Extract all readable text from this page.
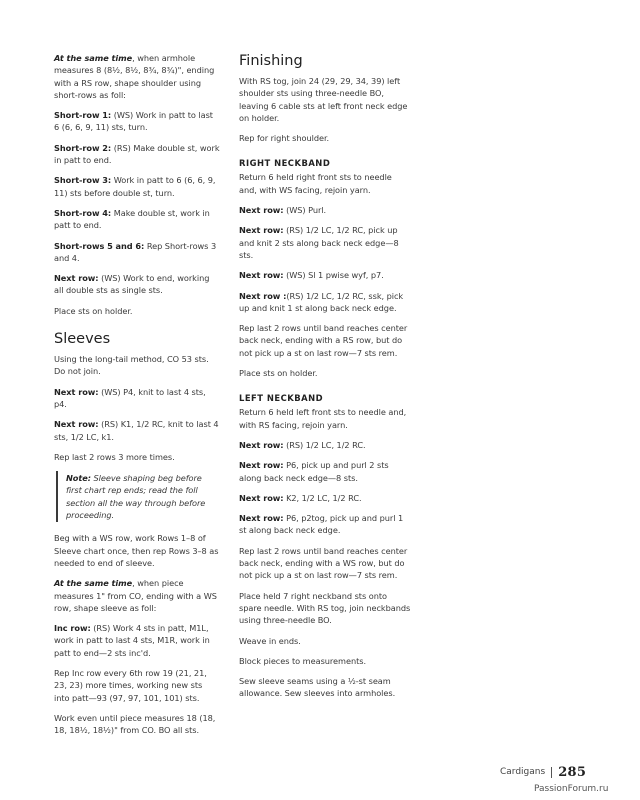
At the same time, when armhole measures 8 (8½, 8½, 8¾, 8¾)", ending with a RS row, shape shoulder using short-rows as foll:

Short-row 1: (WS) Work in patt to last 6 (6, 6, 9, 11) sts, turn.

Short-row 2: (RS) Make double st, work in patt to end.

Short-row 3: Work in patt to 6 (6, 6, 9, 11) sts before double st, turn.

Short-row 4: Make double st, work in patt to end.

Short-rows 5 and 6: Rep Short-rows 3 and 4.

Next row: (WS) Work to end, working all double sts as single sts.

Place sts on holder.

Sleeves

Using the long-tail method, CO 53 sts. Do not join.

Next row: (WS) P4, knit to last 4 sts, p4.

Next row: (RS) K1, 1/2 RC, knit to last 4 sts, 1/2 LC, k1.

Rep last 2 rows 3 more times.

Note: Sleeve shaping beg before first chart rep ends; read the foll section all the way through before proceeding.

Beg with a WS row, work Rows 1–8 of Sleeve chart once, then rep Rows 3–8 as needed to end of sleeve.

At the same time, when piece measures 1" from CO, ending with a WS row, shape sleeve as foll:

Inc row: (RS) Work 4 sts in patt, M1L, work in patt to last 4 sts, M1R, work in patt to end—2 sts inc'd.

Rep Inc row every 6th row 19 (21, 21, 23, 23) more times, working new sts into patt—93 (97, 97, 101, 101) sts.

Work even until piece measures 18 (18, 18, 18½, 18½)" from CO. BO all sts.

Finishing

With RS tog, join 24 (29, 29, 34, 39) left shoulder sts using three-needle BO, leaving 6 cable sts at left front neck edge on holder.

Rep for right shoulder.

RIGHT NECKBAND

Return 6 held right front sts to needle and, with WS facing, rejoin yarn.

Next row: (WS) Purl.

Next row: (RS) 1/2 LC, 1/2 RC, pick up and knit 2 sts along back neck edge—8 sts.

Next row: (WS) Sl 1 pwise wyf, p7.

Next row :(RS) 1/2 LC, 1/2 RC, ssk, pick up and knit 1 st along back neck edge.

Rep last 2 rows until band reaches center back neck, ending with a RS row, but do not pick up a st on last row—7 sts rem.

Place sts on holder.

LEFT NECKBAND

Return 6 held left front sts to needle and, with RS facing, rejoin yarn.

Next row: (RS) 1/2 LC, 1/2 RC.

Next row: P6, pick up and purl 2 sts along back neck edge—8 sts.

Next row: K2, 1/2 LC, 1/2 RC.

Next row: P6, p2tog, pick up and purl 1 st along back neck edge.

Rep last 2 rows until band reaches center back neck, ending with a WS row, but do not pick up a st on last row—7 sts rem.

Place held 7 right neckband sts onto spare needle. With RS tog, join neckbands using three-needle BO.

Weave in ends.

Block pieces to measurements.

Sew sleeve seams using a ½-st seam allowance. Sew sleeves into armholes.

Cardigans 285
PassionForum.ru
